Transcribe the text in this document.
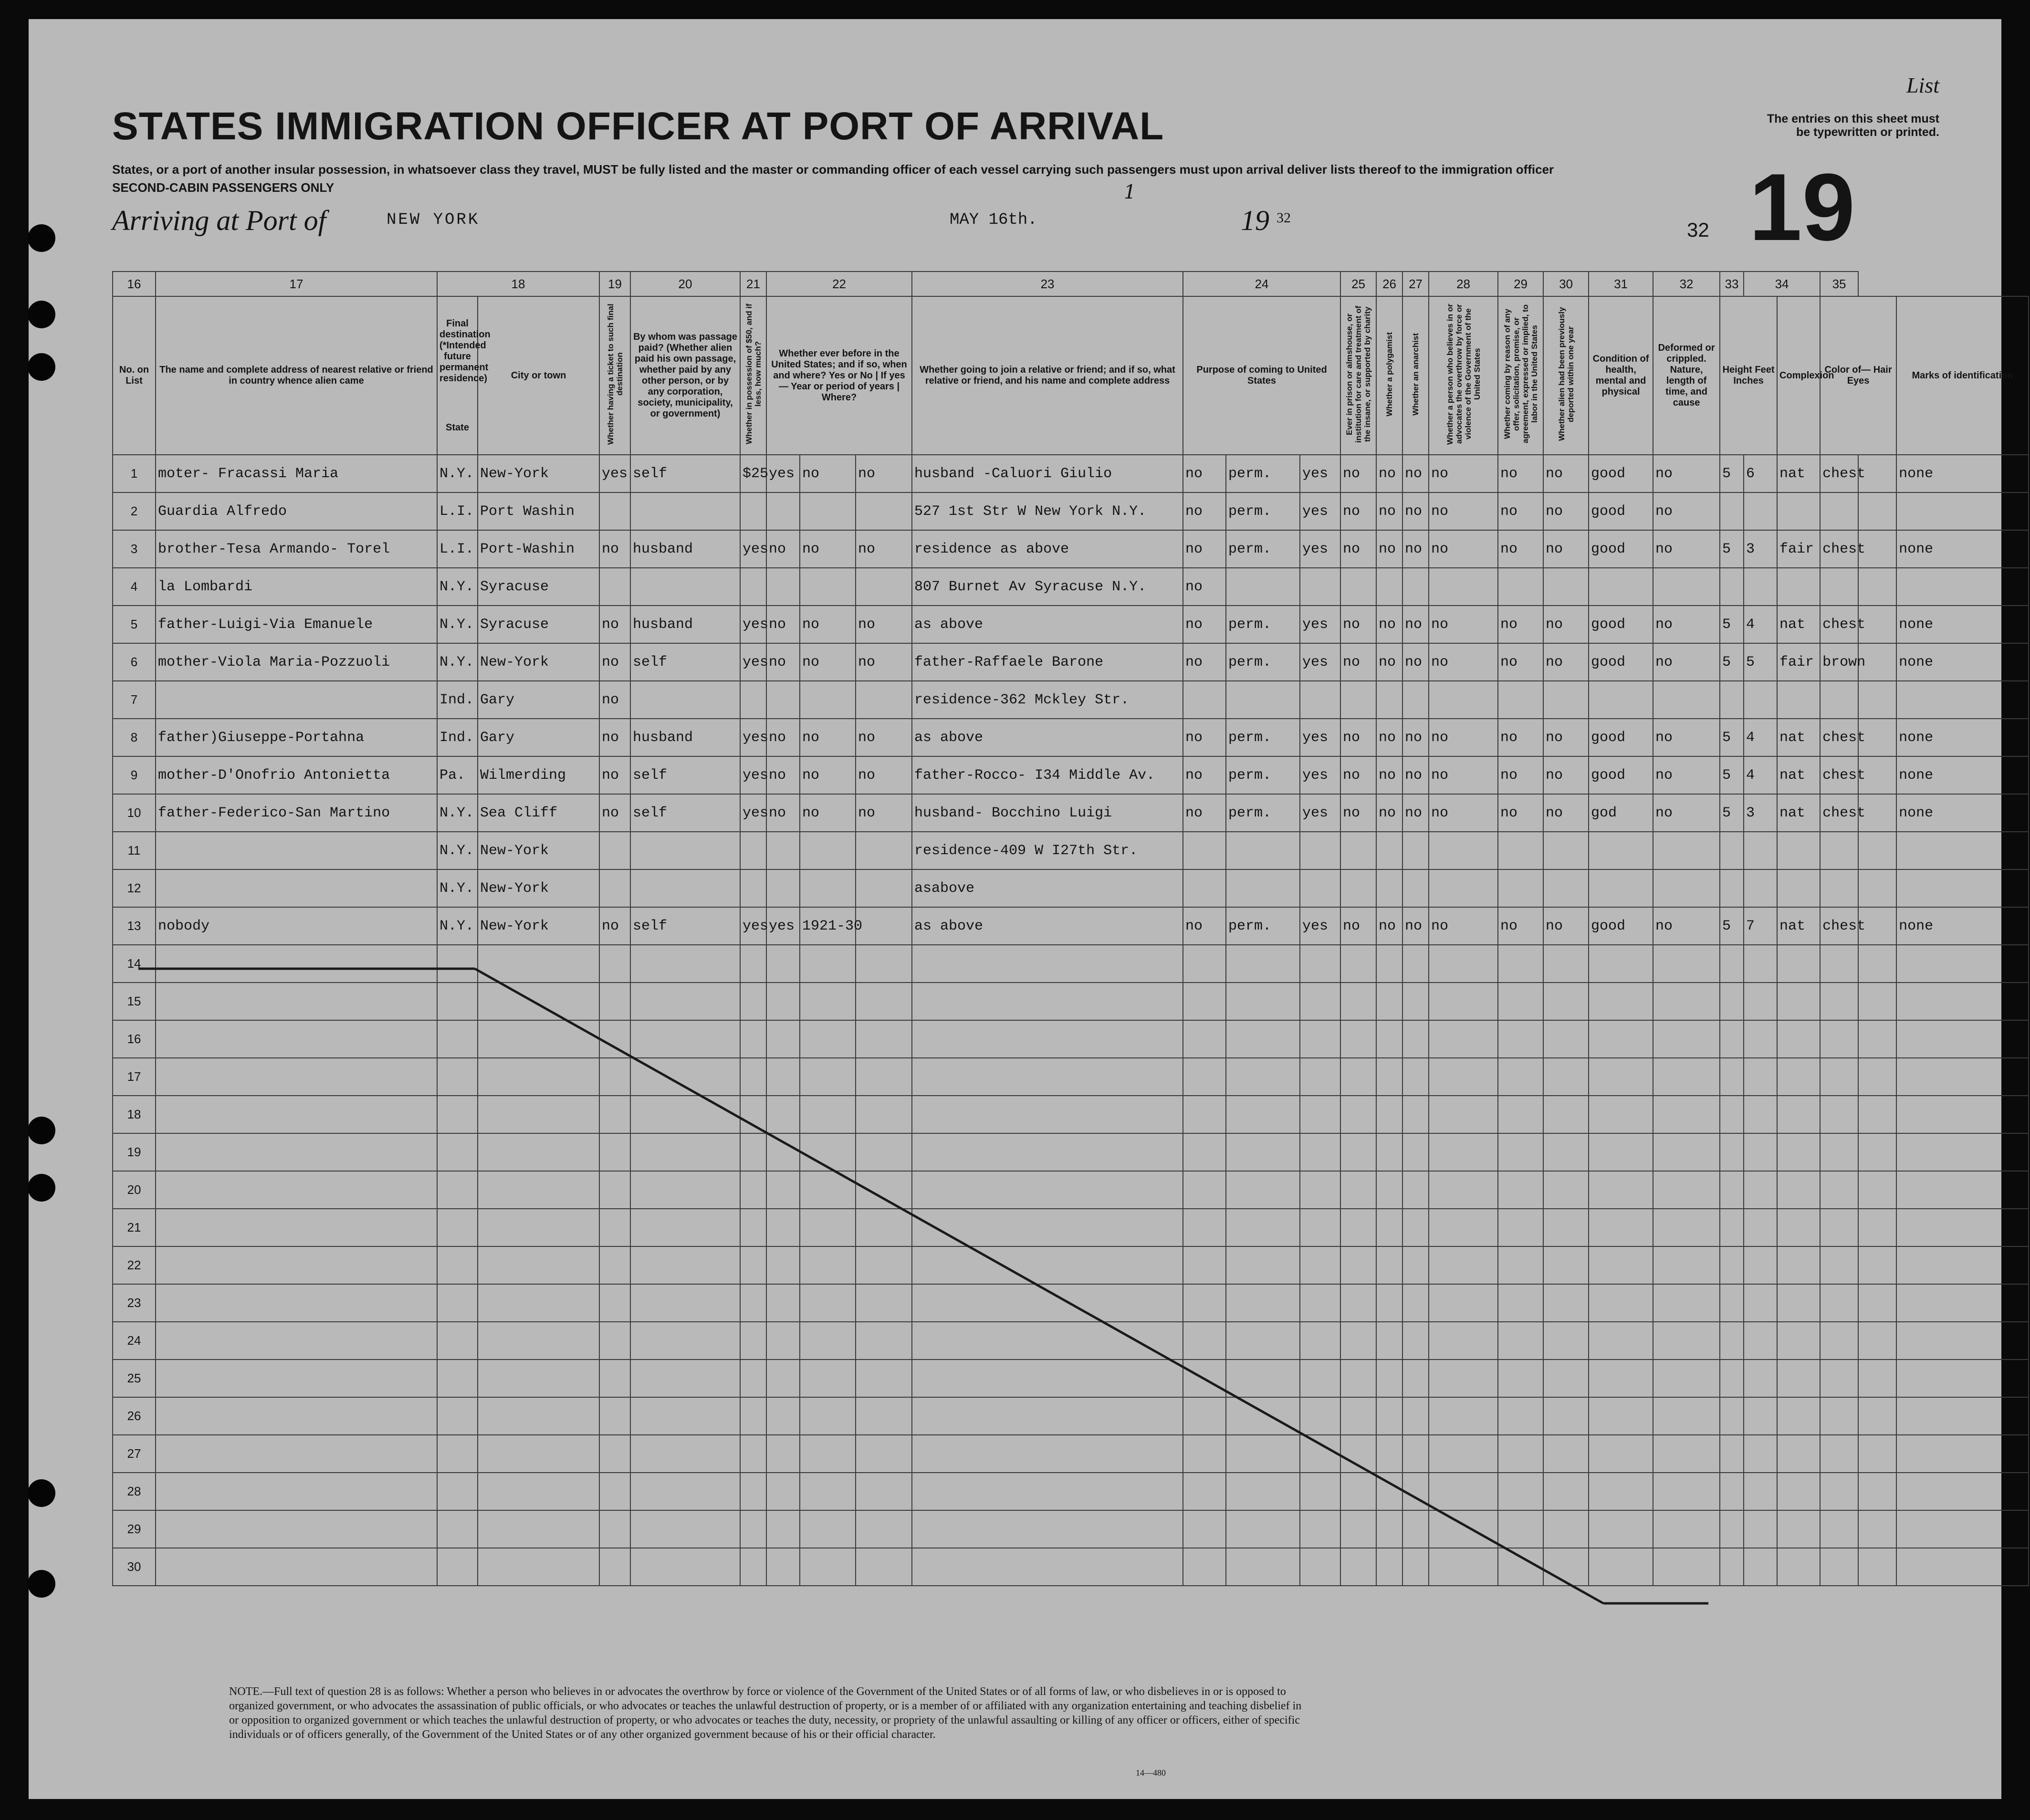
List
The entries on this sheet must be typewritten or printed.
19
32
STATES IMMIGRATION OFFICER AT PORT OF ARRIVAL
States, or a port of another insular possession, in whatsoever class they travel, MUST be fully listed and the master or commanding officer of each vessel carrying such passengers must upon arrival deliver lists thereof to the immigration officer
SECOND-CABIN PASSENGERS ONLY
Arriving at Port of	NEW YORK	MAY 16th.
1
19 32
16	17	18		19	20	21	22			23	24			25	26	27	28	29	30	31	32	33	34		35		
No. on List	The name and complete address of nearest relative or friend in country whence alien came	Final destination (*Intended future permanent residence)
State	City or town	Whether having a ticket to such final destination	By whom was passage paid? (Whether alien paid his own passage, whether paid by any other person, or by any corporation, society, municipality, or government)	Whether in possession of $50, and if less, how much?	Whether ever before in the United States; and if so, when and where? Yes or No | If yes— Year or period of years | Where?			Whether going to join a relative or friend; and if so, what relative or friend, and his name and complete address	Purpose of coming to United States			Ever in prison or almshouse, or institution for care and treatment of the insane, or supported by charity	Whether a polygamist	Whether an anarchist	Whether a person who believes in or advocates the overthrow by force or violence of the Government of the United States	Whether coming by reason of any offer, solicitation, promise, or agreement, expressed or implied, to labor in the United States	Whether alien had been previously deported within one year	Condition of health, mental and physical	Deformed or crippled. Nature, length of time, and cause	Height Feet Inches		Complexion	Color of— Hair Eyes		Marks of identification
1	moter- Fracassi Maria	N.Y.	New-York	yes	self	$25	yes	no	no	husband -Caluori Giulio	no	perm.	yes	no	no	no	no	no	no	good	no	5	6	nat	chest		none
2	Guardia Alfredo	L.I.	Port Washin							527 1st Str W New York N.Y.	no	perm.	yes	no	no	no	no	no	no	good	no						
3	brother-Tesa Armando- Torel	L.I.	Port-Washin	no	husband	yes	no	no	no	residence as above	no	perm.	yes	no	no	no	no	no	no	good	no	5	3	fair	chest		none
4	la Lombardi	N.Y.	Syracuse							807 Burnet Av Syracuse N.Y.	no																
5	father-Luigi-Via Emanuele	N.Y.	Syracuse	no	husband	yes	no	no	no	as above	no	perm.	yes	no	no	no	no	no	no	good	no	5	4	nat	chest		none
6	mother-Viola Maria-Pozzuoli	N.Y.	New-York	no	self	yes	no	no	no	father-Raffaele Barone	no	perm.	yes	no	no	no	no	no	no	good	no	5	5	fair	brown		none
7		Ind.	Gary	no						residence-362 Mckley Str.																	
8	father)Giuseppe-Portahna	Ind.	Gary	no	husband	yes	no	no	no	as above	no	perm.	yes	no	no	no	no	no	no	good	no	5	4	nat	chest		none
9	mother-D'Onofrio Antonietta	Pa.	Wilmerding	no	self	yes	no	no	no	father-Rocco- I34 Middle Av.	no	perm.	yes	no	no	no	no	no	no	good	no	5	4	nat	chest		none
10	father-Federico-San Martino	N.Y.	Sea Cliff	no	self	yes	no	no	no	husband- Bocchino Luigi	no	perm.	yes	no	no	no	no	no	no	god	no	5	3	nat	chest		none
11		N.Y.	New-York							residence-409 W I27th Str.																	
12		N.Y.	New-York							asabove																	
13	nobody	N.Y.	New-York	no	self	yes	yes	1921-30		as above	no	perm.	yes	no	no	no	no	no	no	good	no	5	7	nat	chest		none
14																											
15																											
16																											
17																											
18																											
19																											
20																											
21																											
22																											
23																											
24																											
25																											
26																											
27																											
28																											
29																											
30																											
NOTE.—Full text of question 28 is as follows: Whether a person who believes in or advocates the overthrow by force or violence of the Government of the United States or of all forms of law, or who disbelieves in or is opposed to organized government, or who advocates the assassination of public officials, or who advocates or teaches the unlawful destruction of property, or is a member of or affiliated with any organization entertaining and teaching disbelief in or opposition to organized government or which teaches the unlawful destruction of property, or who advocates or teaches the duty, necessity, or propriety of the unlawful assaulting or killing of any officer or officers, either of specific individuals or of officers generally, of the Government of the United States or of any other organized government because of his or their official character.
14—480
